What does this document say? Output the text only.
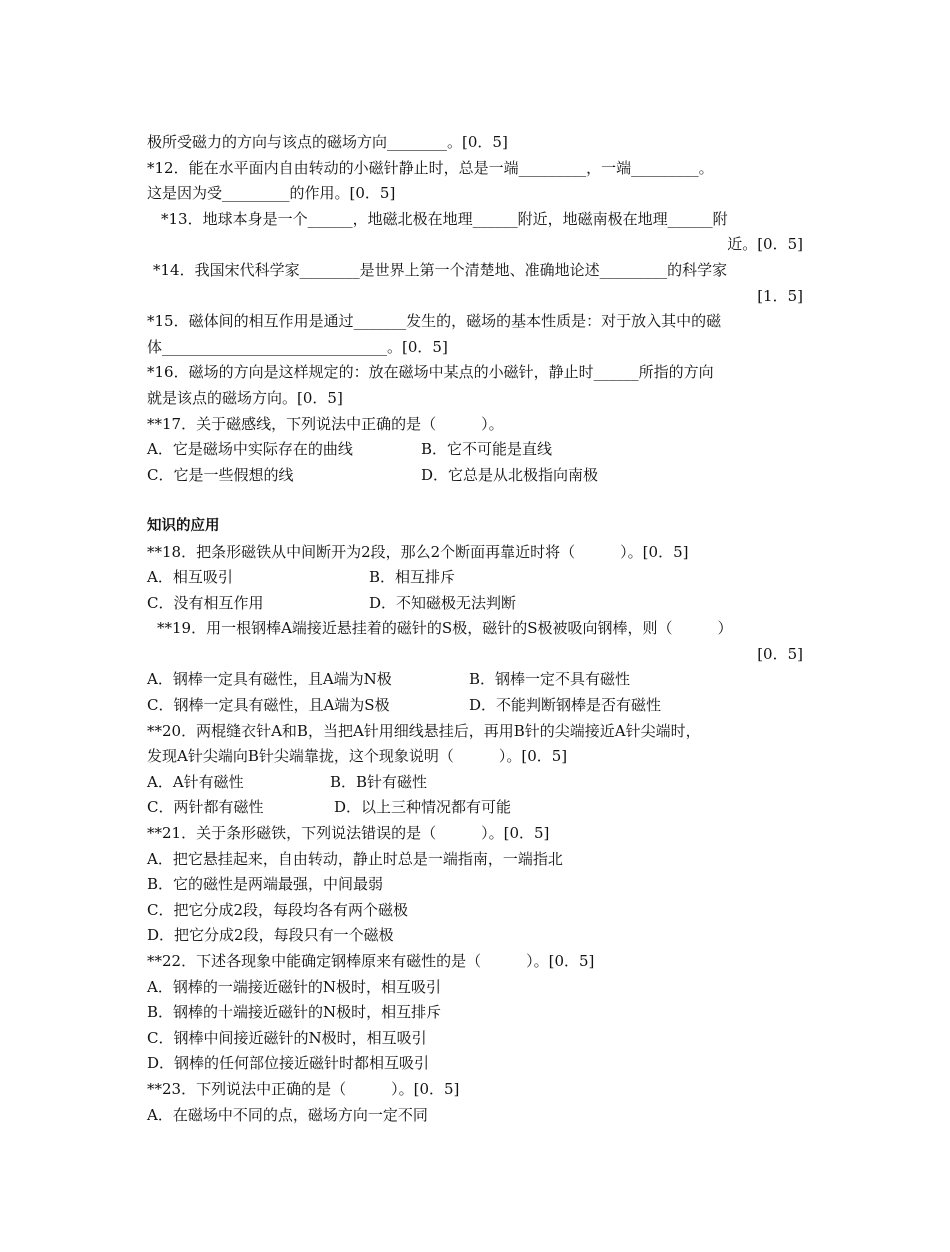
极所受磁力的方向与该点的磁场方向________。[0．5]
*12．能在水平面内自由转动的小磁针静止时，总是一端_________，一端_________。
这是因为受_________的作用。[0．5]
*13．地球本身是一个______，地磁北极在地理______附近，地磁南极在地理______附
近。[0．5]
*14．我国宋代科学家________是世界上第一个清楚地、准确地论述_________的科学家
[1．5]
*15．磁体间的相互作用是通过_______发生的，磁场的基本性质是：对于放入其中的磁
体______________________________。[0．5]
*16．磁场的方向是这样规定的：放在磁场中某点的小磁针，静止时______所指的方向
就是该点的磁场方向。[0．5]
**17．关于磁感线，下列说法中正确的是（　　　）。
A．它是磁场中实际存在的曲线	B．它不可能是直线
C．它是一些假想的线	D．它总是从北极指向南极
知识的应用
**18．把条形磁铁从中间断开为2段，那么2个断面再靠近时将（　　　）。[0．5]
A．相互吸引	B．相互排斥
C．没有相互作用	D．不知磁极无法判断
**19．用一根钢棒A端接近悬挂着的磁针的S极，磁针的S极被吸向钢棒，则（　　　）
[0．5]
A．钢棒一定具有磁性，且A端为N极	B．钢棒一定不具有磁性
C．钢棒一定具有磁性，且A端为S极	D．不能判断钢棒是否有磁性
**20．两棍缝衣针A和B，当把A针用细线悬挂后，再用B针的尖端接近A针尖端时，
发现A针尖端向B针尖端靠拢，这个现象说明（　　　）。[0．5]
A．A针有磁性	B．B针有磁性
C．两针都有磁性	D．以上三种情况都有可能
**21．关于条形磁铁，下列说法错误的是（　　　）。[0．5]
A．把它悬挂起来，自由转动，静止时总是一端指南，一端指北
B．它的磁性是两端最强，中间最弱
C．把它分成2段，每段均各有两个磁极
D．把它分成2段，每段只有一个磁极
**22．下述各现象中能确定钢棒原来有磁性的是（　　　）。[0．5]
A．钢棒的一端接近磁针的N极时，相互吸引
B．钢棒的十端接近磁针的N极时，相互排斥
C．钢棒中间接近磁针的N极时，相互吸引
D．钢棒的任何部位接近磁针时都相互吸引
**23．下列说法中正确的是（　　　）。[0．5]
A．在磁场中不同的点，磁场方向一定不同
